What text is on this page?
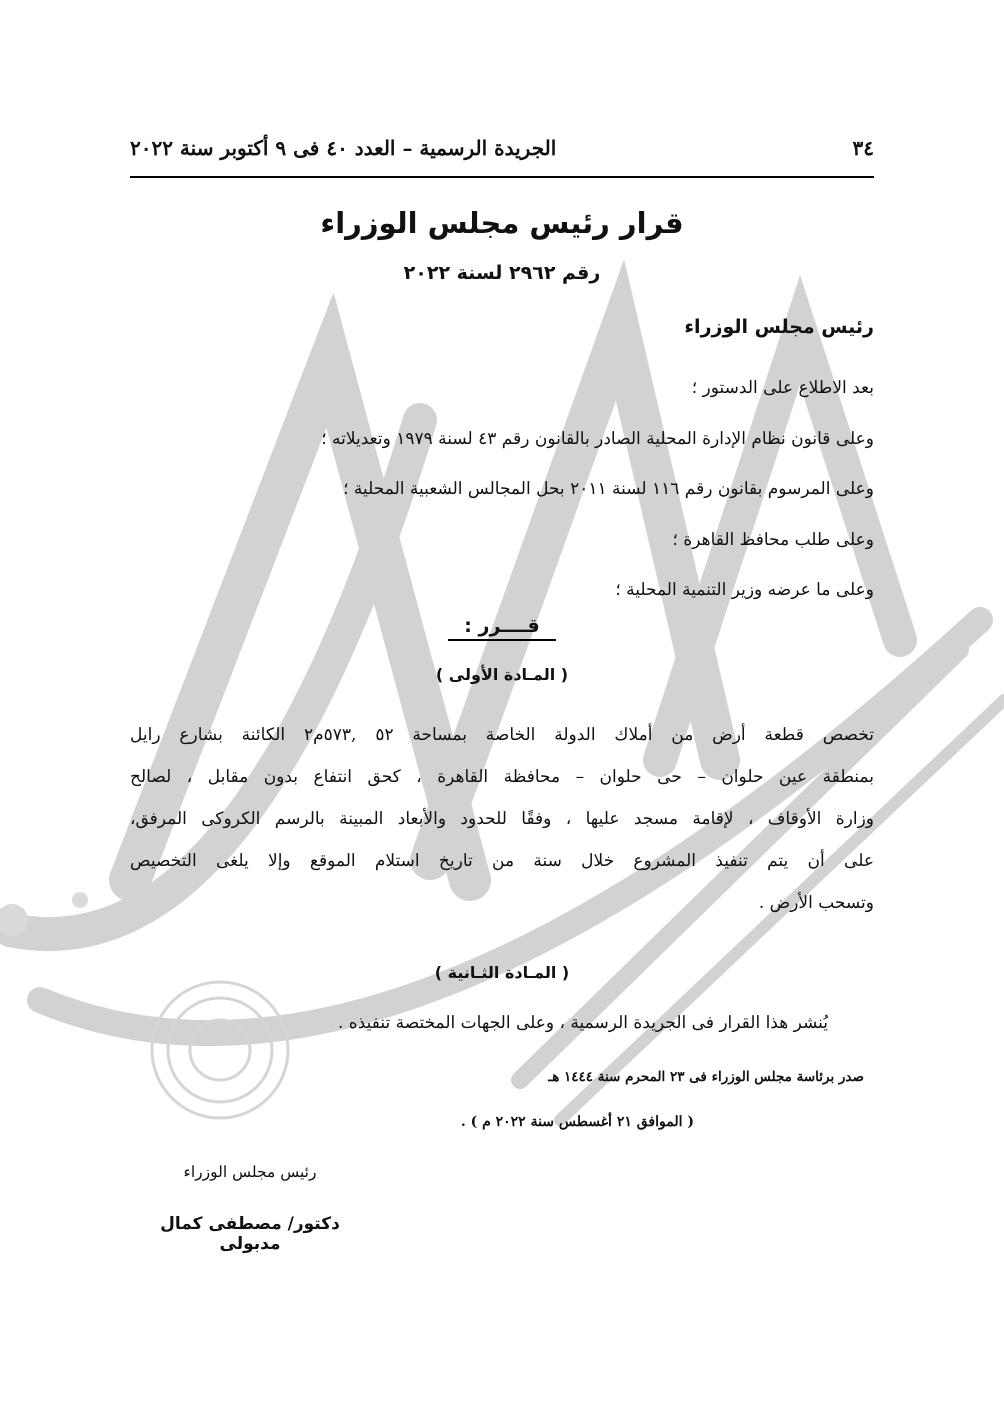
٣٤
الجريدة الرسمية – العدد ٤٠ فى ٩ أكتوبر سنة ٢٠٢٢
قرار رئيس مجلس الوزراء
رقم ٢٩٦٢ لسنة ٢٠٢٢
رئيس مجلس الوزراء
بعد الاطلاع على الدستور ؛
وعلى قانون نظام الإدارة المحلية الصادر بالقانون رقم ٤٣ لسنة ١٩٧٩ وتعديلاته ؛
وعلى المرسوم بقانون رقم ١١٦ لسنة ٢٠١١ بحل المجالس الشعبية المحلية ؛
وعلى طلب محافظ القاهرة ؛
وعلى ما عرضه وزير التنمية المحلية ؛
قــــرر :
( المـادة الأولى )
تخصص قطعة أرض من أملاك الدولة الخاصة بمساحة ٥٢ ,٥٧٣م٢ الكائنة بشارع رايل
بمنطقة عين حلوان – حى حلوان – محافظة القاهرة ، كحق انتفاع بدون مقابل ، لصالح
وزارة الأوقاف ، لإقامة مسجد عليها ، وفقًا للحدود والأبعاد المبينة بالرسم الكروكى المرفق،
على أن يتم تنفيذ المشروع خلال سنة من تاريخ استلام الموقع وإلا يلغى التخصيص
وتسحب الأرض .
( المـادة الثـانية )
يُنشر هذا القرار فى الجريدة الرسمية ، وعلى الجهات المختصة تنفيذه .
صدر برئاسة مجلس الوزراء فى ٢٣ المحرم سنة ١٤٤٤ هـ
( الموافق ٢١ أغسطس سنة ٢٠٢٢ م ) .
رئيس مجلس الوزراء
دكتور/ مصطفى كمال مدبولى
